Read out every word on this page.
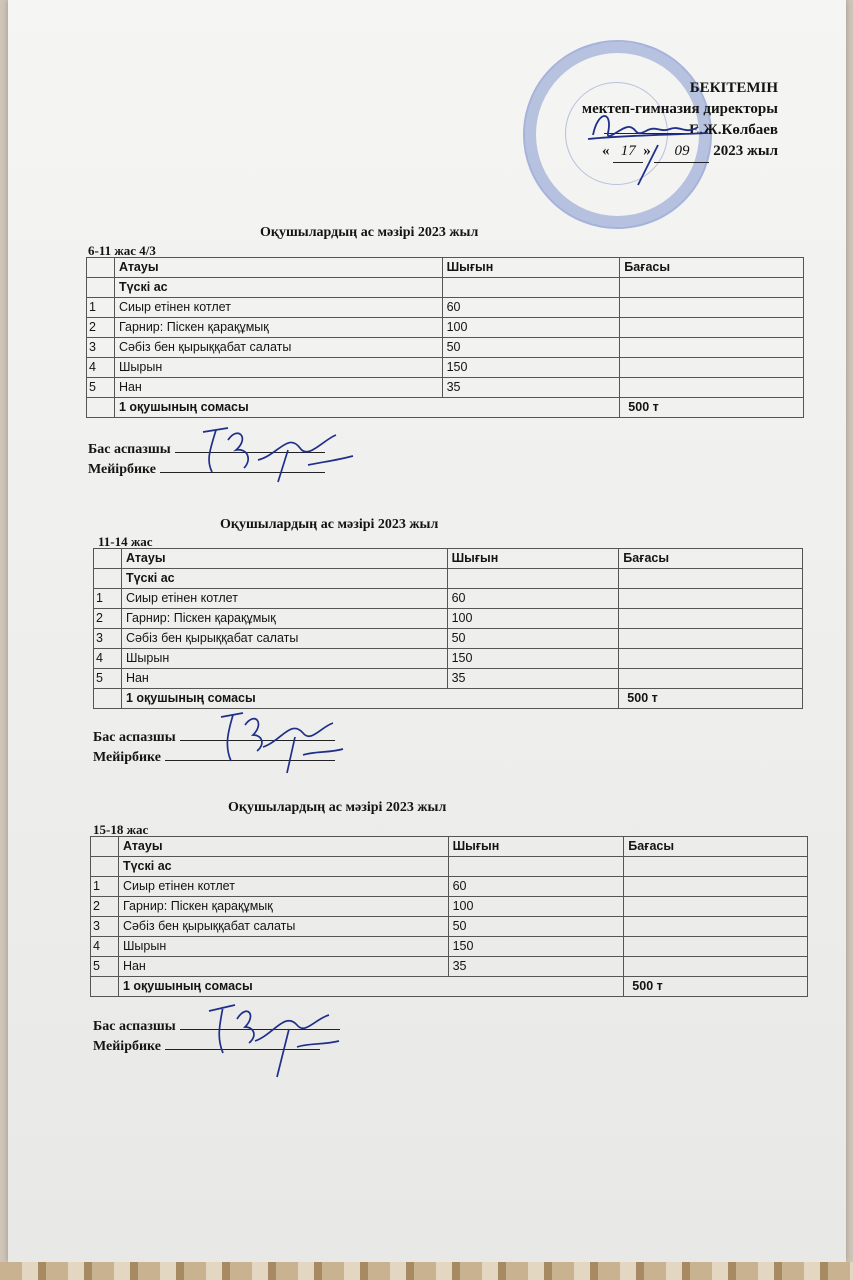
БЕКІТЕМІН
мектеп-гимназия директоры
Е.Ж.Көлбаев
« 17 » 09 2023 жыл
Оқушылардың ас мәзірі 2023 жыл
6-11 жас 4/3
	Атауы	Шығын	Бағасы
	Түскі ас		
1	Сиыр етінен котлет	60	
2	Гарнир: Піскен қарақұмық	100	
3	Сәбіз бен қырыққабат салаты	50	
4	Шырын	150	
5	Нан	35	
	1 оқушының сомасы		500 т
Бас аспазшы
Мейірбике
Оқушылардың ас мәзірі 2023 жыл
11-14 жас
	Атауы	Шығын	Бағасы
	Түскі ас		
1	Сиыр етінен котлет	60	
2	Гарнир: Піскен қарақұмық	100	
3	Сәбіз бен қырыққабат салаты	50	
4	Шырын	150	
5	Нан	35	
	1 оқушының сомасы		500 т
Бас аспазшы
Мейірбике
Оқушылардың ас мәзірі 2023 жыл
15-18 жас
	Атауы	Шығын	Бағасы
	Түскі ас		
1	Сиыр етінен котлет	60	
2	Гарнир: Піскен қарақұмық	100	
3	Сәбіз бен қырыққабат салаты	50	
4	Шырын	150	
5	Нан	35	
	1 оқушының сомасы		500 т
Бас аспазшы
Мейірбике
